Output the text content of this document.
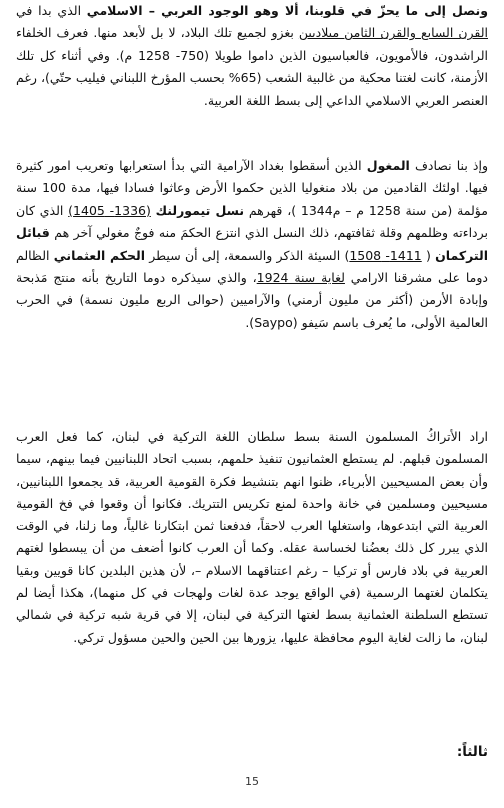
ونصل إلى ما يحزّ في قلوبنا، ألا وهو الوجود العربي – الاسلامي الذي بدا في القرن السابع والقرن الثامن ميلاديين بغزو لجميع تلك البلاد، لا بل لأبعد منها. فعرف الخلفاء الراشدون، فالأمويون، فالعباسيون الذين داموا طويلا (750- 1258 م). وفي أثناء كل تلك الأزمنة، كانت لغتنا محكية من غالبية الشعب (65% بحسب المؤرخ اللبناني فيليب حتّي)، رغم العنصر العربي الاسلامي الداعي إلى بسط اللغة العربية.
وإذ بنا نصادف المغول الذين أسقطوا بغداد الآرامية التي بدأ استعرابها وتعريب امور كثيرة فيها. اولئك القادمين من بلاد منغوليا الذين حكموا الأرض وعاثوا فسادا فيها، مدة 100 سنة مؤلمة (من سنة 1258 م – م1344 )، قهرهم نسل تيمورلنك (1336- 1405) الذي كان برداءته وظلمهم وقلة ثقافتهم، ذلك النسل الذي انتزع الحكمَ منه فوجٌ مغولي آخر هم قبائل التركمان ( 1411- 1508) السيئة الذكر والسمعة، إلى أن سيطر الحكم العثماني الظالم دوما على مشرقنا الارامي لغاية سنة 1924، والذي سيذكره دوما التاريخ بأنه منتج مَذبحة وإبادة الأرمن (أكثر من مليون أرمني) والآراميين (حوالى الربع مليون نسمة) في الحرب العالمية الأولى، ما يُعرف باسم سَيفو (Saypo).
اراد الأتراكُ المسلمون السنة بسط سلطان اللغة التركية في لبنان، كما فعل العرب المسلمون قبلهم. لم يستطع العثمانيون تنفيذ حلمهم، بسبب اتحاد اللبنانيين فيما بينهم، سيما وأن بعض المسيحيين الأبرياء، ظنوا انهم بتنشيط فكرة القومية العربية، قد يجمعوا اللبنانيين، مسيحيين ومسلمين في خانة واحدة لمنع تكريس التتريك. فكانوا أن وقعوا في فخ القومية العربية التي ابتدعوها، واستغلها العرب لاحقاً، فدفعنا ثمن ابتكارنا غالياً، وما زلنا، في الوقت الذي يبرر كل ذلك بعضُنا لخساسة عقله. وكما أن العرب كانوا أضعف من أن يبسطوا لغتهم العربية في بلاد فارس أو تركيا – رغم اعتناقهما الاسلام –، لأن هذين البلدين كانا قويين وبقيا يتكلمان لغتهما الرسمية (في الواقع يوجد عدة لغات ولهجات في كل منهما)، هكذا أيضا لم تستطع السلطنة العثمانية بسط لغتها التركية في لبنان، إلا في قرية شبه تركية في شمالي لبنان، ما زالت لغاية اليوم محافظة عليها، يزورها بين الحين والحين مسؤول تركي.
ثالثاً:
15
